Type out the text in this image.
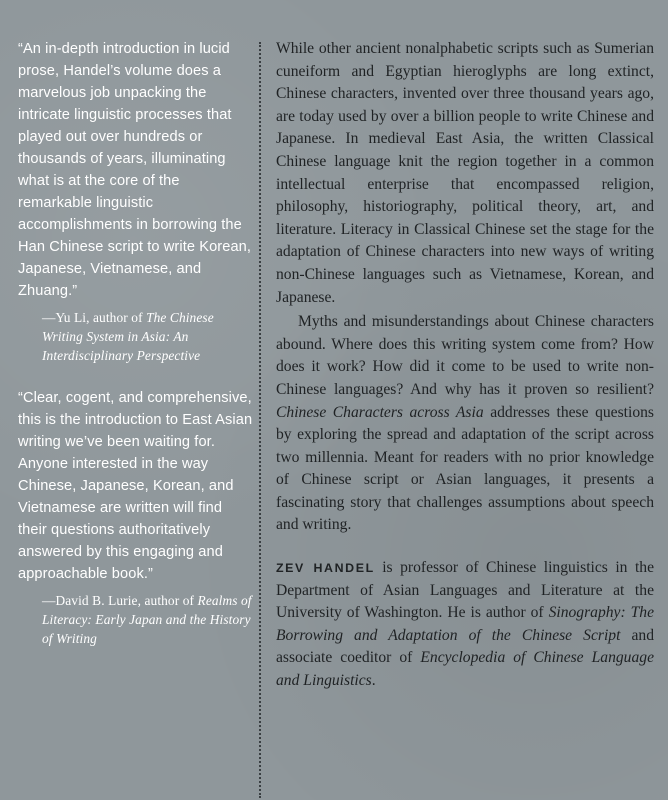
“An in-depth introduction in lucid prose, Handel’s volume does a marvelous job unpacking the intricate linguistic processes that played out over hundreds or thousands of years, illuminating what is at the core of the remarkable linguistic accomplishments in borrowing the Han Chinese script to write Korean, Japanese, Vietnamese, and Zhuang.”

—Yu Li, author of The Chinese Writing System in Asia: An Interdisciplinary Perspective

“Clear, cogent, and comprehensive, this is the introduction to East Asian writing we’ve been waiting for. Anyone interested in the way Chinese, Japanese, Korean, and Vietnamese are written will find their questions authoritatively answered by this engaging and approachable book.”

—David B. Lurie, author of Realms of Literacy: Early Japan and the History of Writing

While other ancient nonalphabetic scripts such as Sumerian cuneiform and Egyptian hieroglyphs are long extinct, Chinese characters, invented over three thousand years ago, are today used by over a billion people to write Chinese and Japanese. In medieval East Asia, the written Classical Chinese language knit the region together in a common intellectual enterprise that encompassed religion, philosophy, historiography, political theory, art, and literature. Literacy in Classical Chinese set the stage for the adaptation of Chinese characters into new ways of writing non-Chinese languages such as Vietnamese, Korean, and Japanese.

Myths and misunderstandings about Chinese characters abound. Where does this writing system come from? How does it work? How did it come to be used to write non-Chinese languages? And why has it proven so resilient? Chinese Characters across Asia addresses these questions by exploring the spread and adaptation of the script across two millennia. Meant for readers with no prior knowledge of Chinese script or Asian languages, it presents a fascinating story that challenges assumptions about speech and writing.

ZEV HANDEL is professor of Chinese linguistics in the Department of Asian Languages and Literature at the University of Washington. He is author of Sinography: The Borrowing and Adaptation of the Chinese Script and associate coeditor of Encyclopedia of Chinese Language and Linguistics.
